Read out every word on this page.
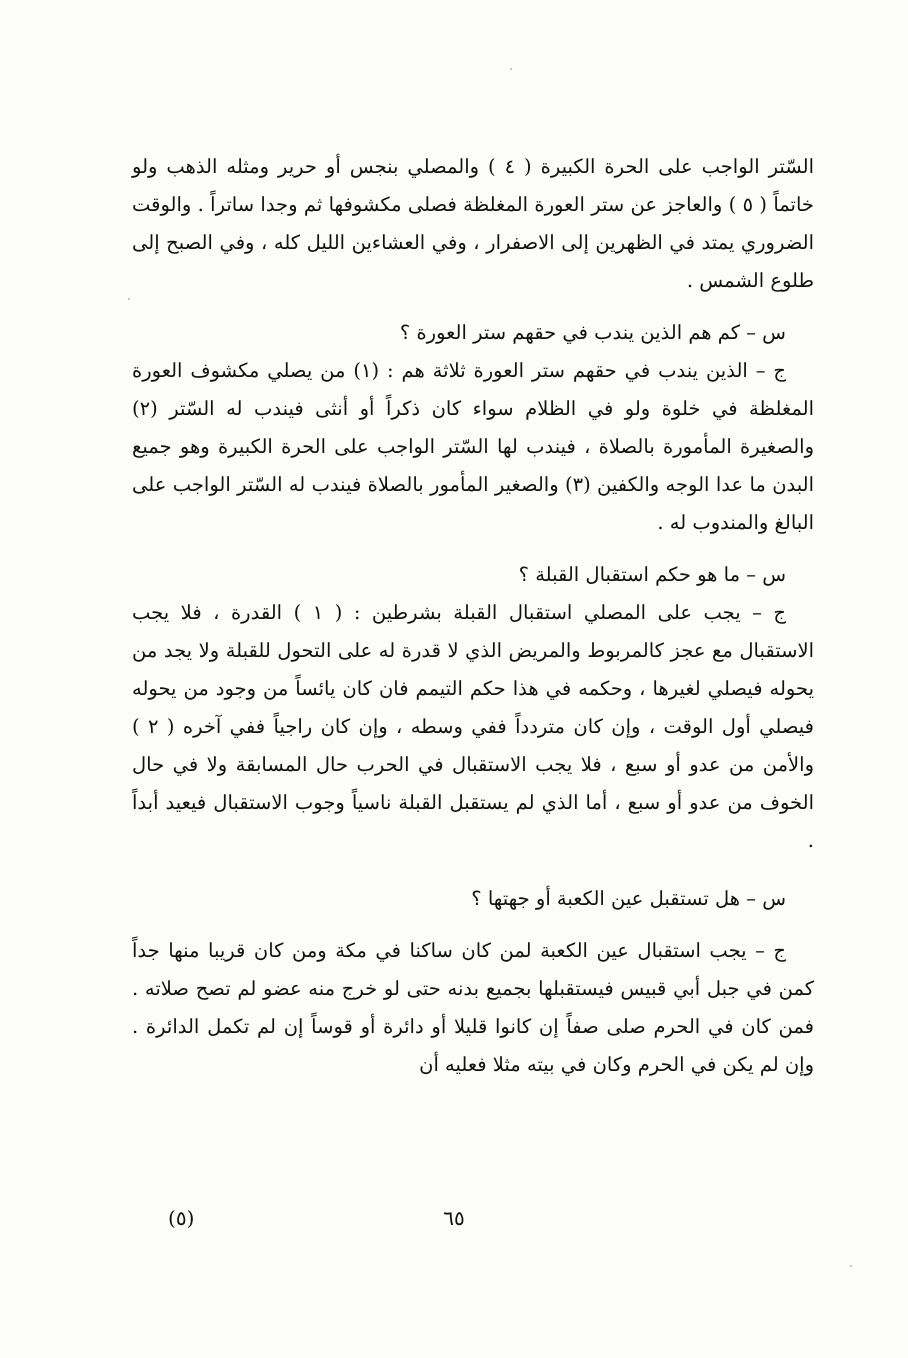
السّتر الواجب على الحرة الكبيرة ( ٤ ) والمصلي بنجس أو حرير ومثله الذهب ولو خاتماً ( ٥ ) والعاجز عن ستر العورة المغلظة فصلى مكشوفها ثم وجدا ساتراً . والوقت الضروري يمتد في الظهرين إلى الاصفرار ، وفي العشاءين الليل كله ، وفي الصبح إلى طلوع الشمس .

س – كم هم الذين يندب في حقهم ستر العورة ؟

ج – الذين يندب في حقهم ستر العورة ثلاثة هم : (١) من يصلي مكشوف العورة المغلظة في خلوة ولو في الظلام سواء كان ذكراً أو أنثى فيندب له السّتر (٢) والصغيرة المأمورة بالصلاة ، فيندب لها السّتر الواجب على الحرة الكبيرة وهو جميع البدن ما عدا الوجه والكفين (٣) والصغير المأمور بالصلاة فيندب له السّتر الواجب على البالغ والمندوب له .

س – ما هو حكم استقبال القبلة ؟

ج – يجب على المصلي استقبال القبلة بشرطين : ( ١ ) القدرة ، فلا يجب الاستقبال مع عجز كالمربوط والمريض الذي لا قدرة له على التحول للقبلة ولا يجد من يحوله فيصلي لغيرها ، وحكمه في هذا حكم التيمم فان كان يائساً من وجود من يحوله فيصلي أول الوقت ، وإن كان متردداً ففي وسطه ، وإن كان راجياً ففي آخره ( ٢ ) والأمن من عدو أو سبع ، فلا يجب الاستقبال في الحرب حال المسابقة ولا في حال الخوف من عدو أو سبع ، أما الذي لم يستقبل القبلة ناسياً وجوب الاستقبال فيعيد أبداً .

س – هل تستقبل عين الكعبة أو جهتها ؟

ج – يجب استقبال عين الكعبة لمن كان ساكنا في مكة ومن كان قريبا منها جداً كمن في جبل أبي قبيس فيستقبلها بجميع بدنه حتى لو خرج منه عضو لم تصح صلاته . فمن كان في الحرم صلى صفاً إن كانوا قليلا أو دائرة أو قوساً إن لم تكمل الدائرة . وإن لم يكن في الحرم وكان في بيته مثلا فعليه أن

٦٥
(٥)
